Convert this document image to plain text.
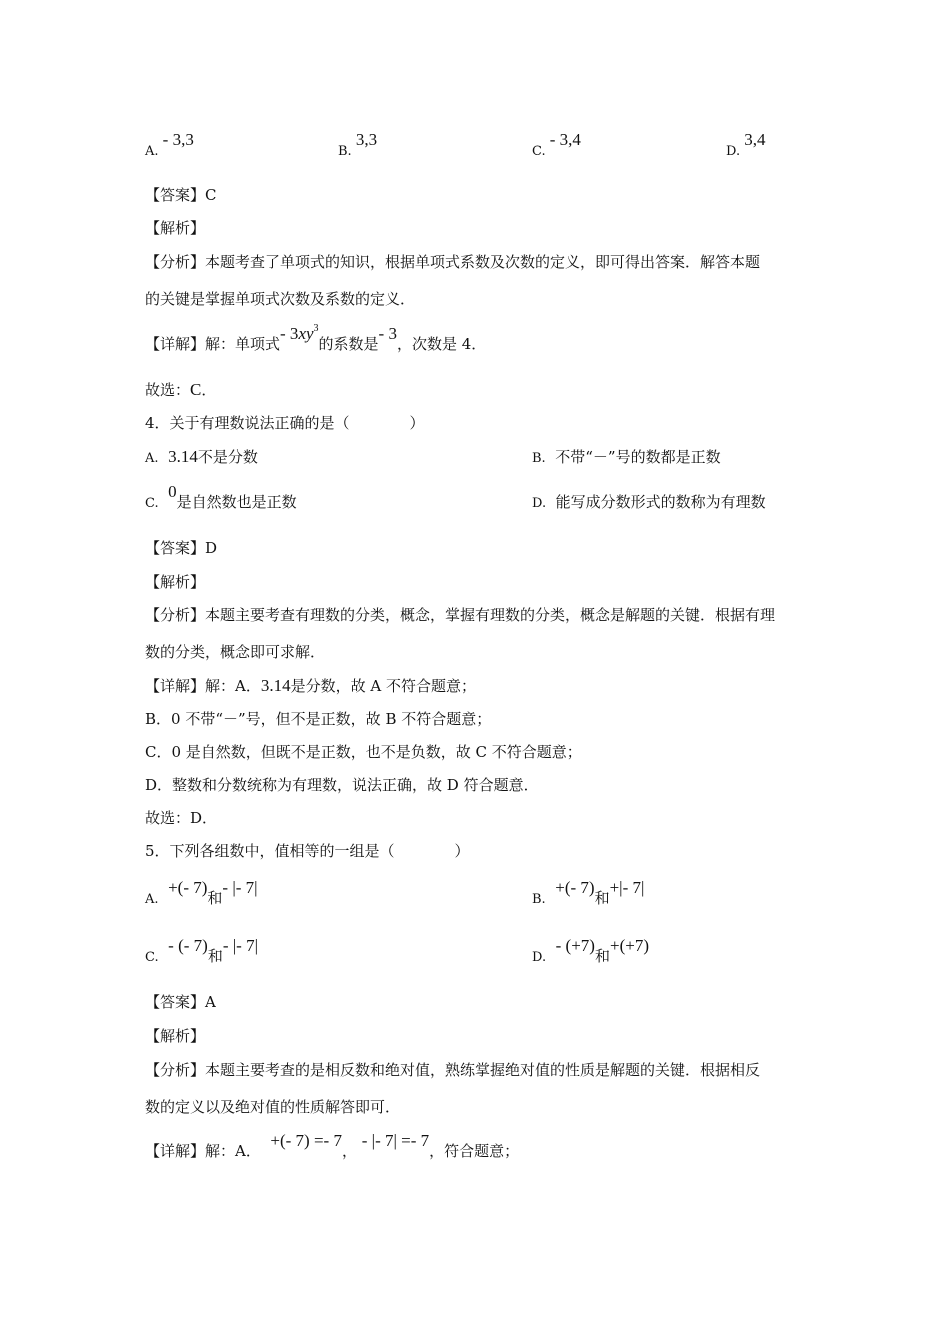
A. - 3,3
B. 3,3
C. - 3,4
D. 3,4
【答案】C
【解析】
【分析】本题考查了单项式的知识，根据单项式系数及次数的定义，即可得出答案．解答本题
的关键是掌握单项式次数及系数的定义．
【详解】解：单项式- $3xy^3$的系数是- 3，次数是 4．
故选：C．
4．关于有理数说法正确的是（　　　　）
A. 3.14不是分数	B. 不带“－”号的数都是正数
C.  0是自然数也是正数	D. 能写成分数形式的数称为有理数
【答案】D
【解析】
【分析】本题主要考查有理数的分类，概念，掌握有理数的分类，概念是解题的关键．根据有理
数的分类，概念即可求解．
【详解】解：A．3.14是分数，故 A 不符合题意；
B．0 不带“－”号，但不是正数，故 B 不符合题意；
C．0 是自然数，但既不是正数，也不是负数，故 C 不符合题意；
D．整数和分数统称为有理数，说法正确，故 D 符合题意．
故选：D．
5．下列各组数中，值相等的一组是（　　　　）
A.  +(- 7)和- |- 7|
B.  +(- 7)和+|- 7|
C.  - (- 7)和- |- 7|
D.  - (+7)和+(+7)
【答案】A
【解析】
【分析】本题主要考查的是相反数和绝对值，熟练掌握绝对值的性质是解题的关键．根据相反
数的定义以及绝对值的性质解答即可．
【详解】解：A．  +(- 7) =- 7， - |- 7| =- 7，符合题意；
